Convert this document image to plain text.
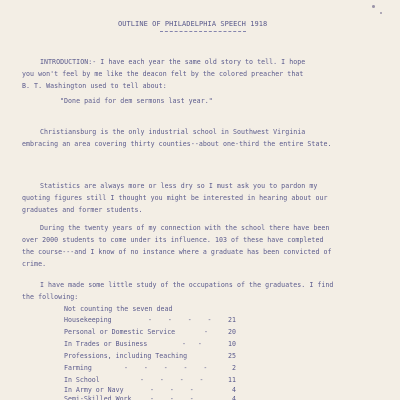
OUTLINE OF PHILADELPHIA SPEECH 1918
INTRODUCTION:- I have each year the same old story to tell. I hope
you won't feel by me like the deacon felt by the colored preacher that
B. T. Washington used to tell about:
"Done paid for dem sermons last year."
Christiansburg is the only industrial school in Southwest Virginia
embracing an area covering thirty counties--about one-third the entire State.
Statistics are always more or less dry so I must ask you to pardon my
quoting figures still I thought you might be interested in hearing about our
graduates and former students.
During the twenty years of my connection with the school there have been
over 2000 students to come under its influence. 103 of these have completed
the course---and I know of no instance where a graduate has been convicted of
crime.
I have made some little study of the occupations of the graduates. I find
the following:
Not counting the seven dead
Housekeeping	-    -    -    -	21
Personal or Domestic Service	-	20
In Trades or Business	-   -	10
Professions, including Teaching	25
Farming	-    -    -    -    -	2
In School	-    -    -    -	11
In Army or Navy	-    -    -	4
Semi-Skilled Work	-    -    -	4
